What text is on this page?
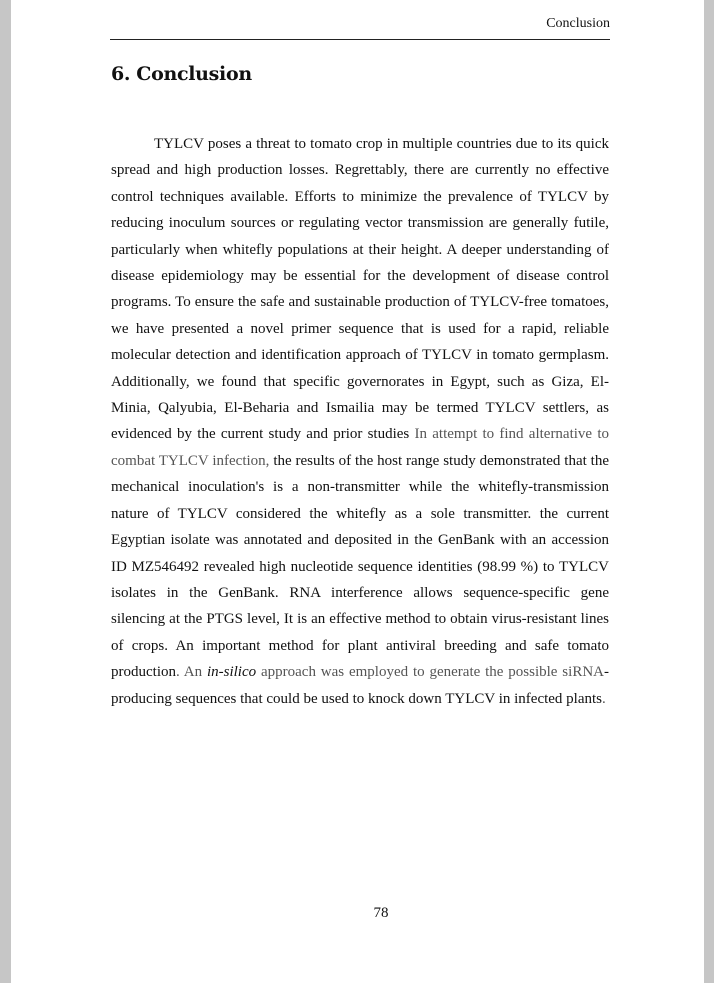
Conclusion
6. Conclusion

TYLCV poses a threat to tomato crop in multiple countries due to its quick spread and high production losses. Regrettably, there are currently no effective control techniques available. Efforts to minimize the prevalence of TYLCV by reducing inoculum sources or regulating vector transmission are generally futile, particularly when whitefly populations at their height. A deeper understanding of disease epidemiology may be essential for the development of disease control programs. To ensure the safe and sustainable production of TYLCV-free tomatoes, we have presented a novel primer sequence that is used for a rapid, reliable molecular detection and identification approach of TYLCV in tomato germplasm. Additionally, we found that specific governorates in Egypt, such as Giza, El-Minia, Qalyubia, El-Beharia and Ismailia may be termed TYLCV settlers, as evidenced by the current study and prior studies In attempt to find alternative to combat TYLCV infection, the results of the host range study demonstrated that the mechanical inoculation's is a non-transmitter while the whitefly-transmission nature of TYLCV considered the whitefly as a sole transmitter. the current Egyptian isolate was annotated and deposited in the GenBank with an accession ID MZ546492 revealed high nucleotide sequence identities (98.99 %) to TYLCV isolates in the GenBank. RNA interference allows sequence-specific gene silencing at the PTGS level, It is an effective method to obtain virus-resistant lines of crops. An important method for plant antiviral breeding and safe tomato production. An in-silico approach was employed to generate the possible siRNA-producing sequences that could be used to knock down TYLCV in infected plants.

78
